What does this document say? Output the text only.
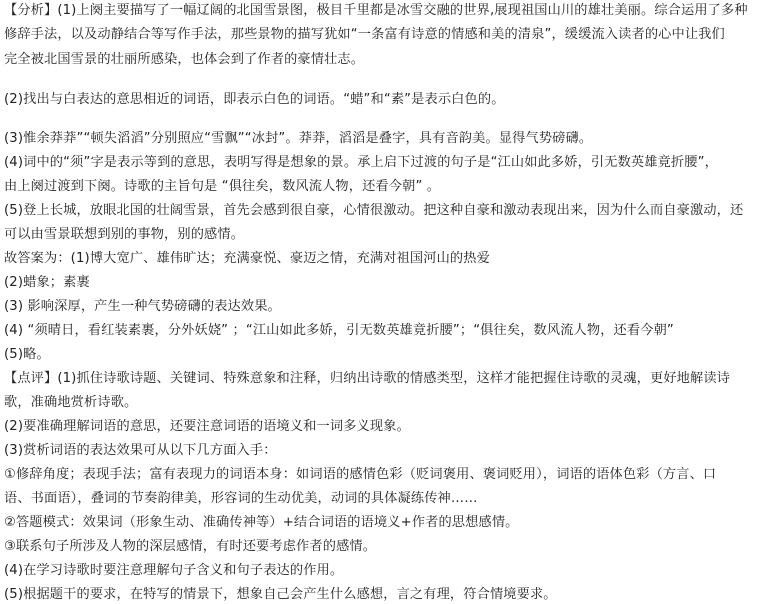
【分析】(1)上阕主要描写了一幅辽阔的北国雪景图，极目千里都是冰雪交融的世界,展现祖国山川的雄壮美丽。综合运用了多种
修辞手法，以及动静结合等写作手法，那些景物的描写犹如“一条富有诗意的情感和美的清泉”，缓缓流入读者的心中让我们
完全被北国雪景的壮丽所感染，也体会到了作者的豪情壮志。
(2)找出与白表达的意思相近的词语，即表示白色的词语。“蜡”和“素”是表示白色的。
(3)惟余莽莽”“顿失滔滔”分别照应“雪飘”“冰封”。莽莽，滔滔是叠字，具有音韵美。显得气势磅礴。
(4)词中的“须”字是表示等到的意思，表明写得是想象的景。承上启下过渡的句子是“江山如此多娇，引无数英雄竟折腰”，
由上阕过渡到下阕。诗歌的主旨句是 “俱往矣，数风流人物，还看今朝” 。
(5)登上长城，放眼北国的壮阔雪景，首先会感到很自豪，心情很激动。把这种自豪和激动表现出来，因为什么而自豪激动，还
可以由雪景联想到别的事物，别的感情。
故答案为：(1)博大宽广、雄伟旷达；充满豪悦、豪迈之情，充满对祖国河山的热爱
(2)蜡象；素裹
(3) 影响深厚，产生一种气势磅礴的表达效果。
(4) “须晴日，看红装素裹，分外妖娆” ；“江山如此多娇，引无数英雄竟折腰”；“俱往矣，数风流人物，还看今朝”
(5)略。
【点评】(1)抓住诗歌诗题、关键词、特殊意象和注释，归纳出诗歌的情感类型，这样才能把握住诗歌的灵魂，更好地解读诗
歌，准确地赏析诗歌。
(2)要准确理解词语的意思，还要注意词语的语境义和一词多义现象。
(3)赏析词语的表达效果可从以下几方面入手：
①修辞角度；表现手法；富有表现力的词语本身：如词语的感情色彩（贬词褒用、褒词贬用），词语的语体色彩（方言、口
语、书面语），叠词的节奏韵律美，形容词的生动优美，动词的具体凝练传神……
②答题模式：效果词（形象生动、准确传神等）+结合词语的语境义+作者的思想感情。
③联系句子所涉及人物的深层感情，有时还要考虑作者的感情。
(4)在学习诗歌时要注意理解句子含义和句子表达的作用。
(5)根据题干的要求，在特写的情景下，想象自己会产生什么感想，言之有理，符合情境要求。
